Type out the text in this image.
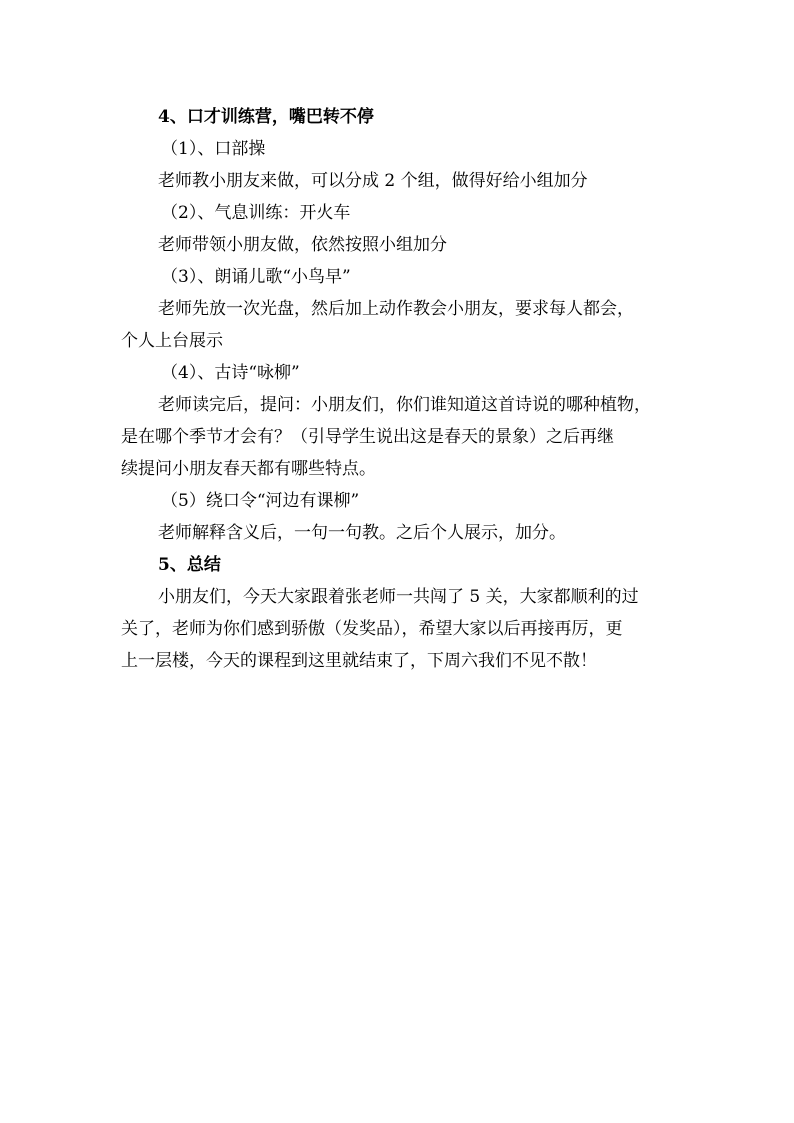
4、口才训练营，嘴巴转不停
（1）、口部操
老师教小朋友来做，可以分成 2 个组，做得好给小组加分
（2）、气息训练：开火车
老师带领小朋友做，依然按照小组加分
（3）、朗诵儿歌“小鸟早”
老师先放一次光盘，然后加上动作教会小朋友，要求每人都会，
个人上台展示
（4）、古诗“咏柳”
老师读完后，提问：小朋友们，你们谁知道这首诗说的哪种植物，
是在哪个季节才会有？（引导学生说出这是春天的景象）之后再继
续提问小朋友春天都有哪些特点。
（5）绕口令“河边有课柳”
老师解释含义后，一句一句教。之后个人展示，加分。
5、总结
小朋友们，今天大家跟着张老师一共闯了 5 关，大家都顺利的过
关了，老师为你们感到骄傲（发奖品），希望大家以后再接再厉，更
上一层楼，今天的课程到这里就结束了，下周六我们不见不散！
